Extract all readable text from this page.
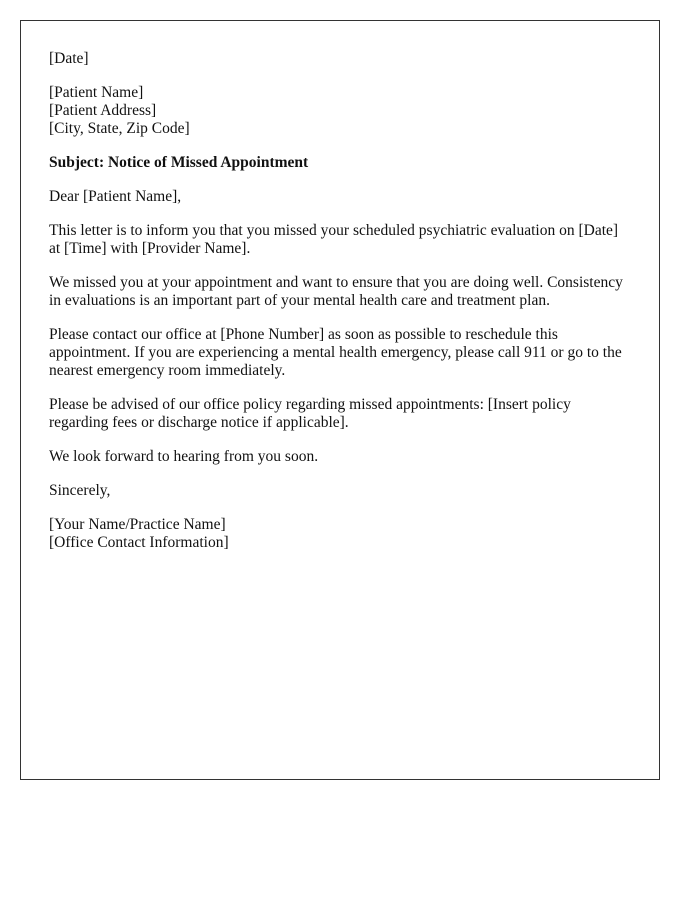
[Date]

[Patient Name]
[Patient Address]
[City, State, Zip Code]

Subject: Notice of Missed Appointment

Dear [Patient Name],

This letter is to inform you that you missed your scheduled psychiatric evaluation on [Date] at [Time] with [Provider Name].

We missed you at your appointment and want to ensure that you are doing well. Consistency in evaluations is an important part of your mental health care and treatment plan.

Please contact our office at [Phone Number] as soon as possible to reschedule this appointment. If you are experiencing a mental health emergency, please call 911 or go to the nearest emergency room immediately.

Please be advised of our office policy regarding missed appointments: [Insert policy regarding fees or discharge notice if applicable].

We look forward to hearing from you soon.

Sincerely,

[Your Name/Practice Name]
[Office Contact Information]
